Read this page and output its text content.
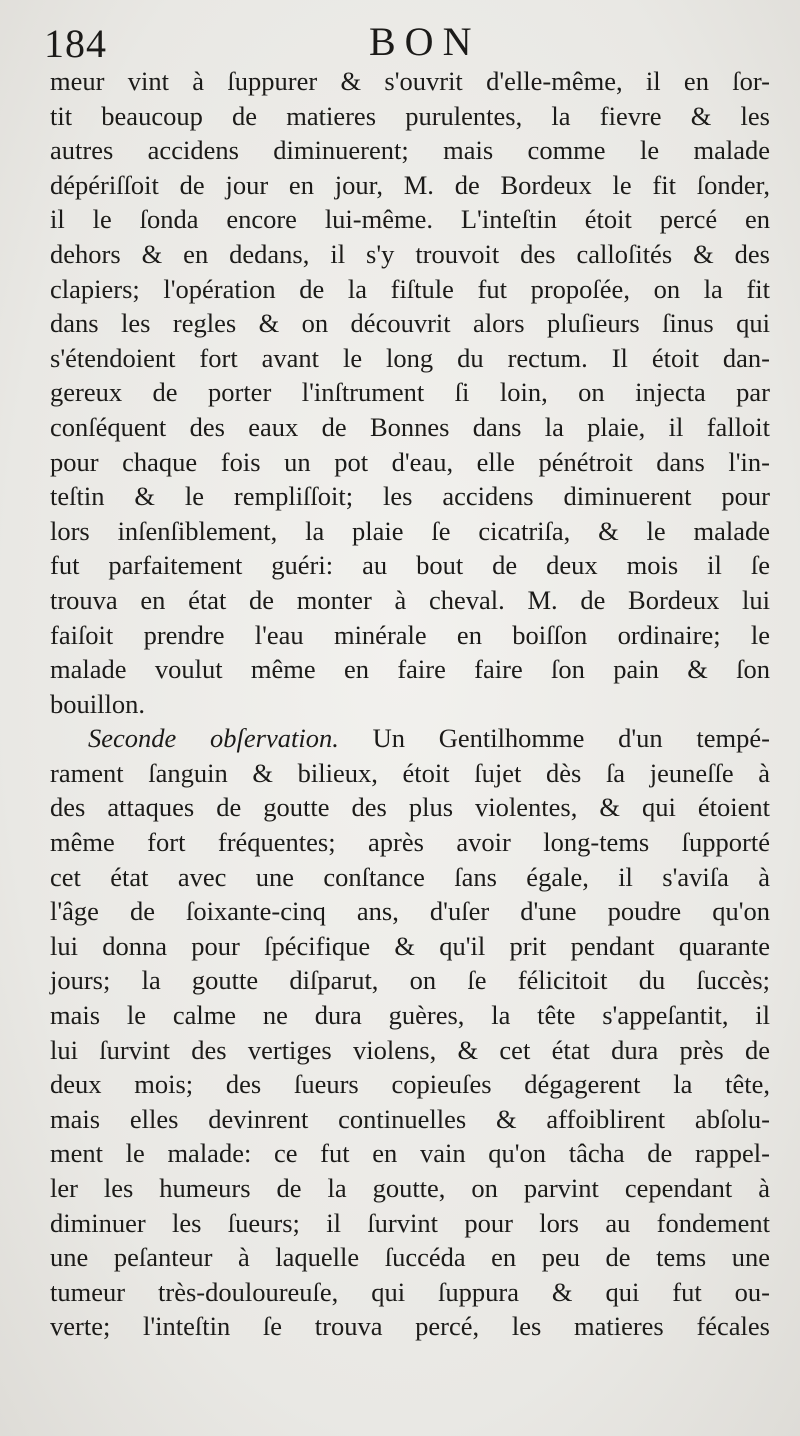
184	BON
meur vint à ſuppurer & s'ouvrit d'elle-même, il en ſor-
tit beaucoup de matieres purulentes, la fievre & les
autres accidens diminuerent; mais comme le malade
dépériſſoit de jour en jour, M. de Bordeux le fit ſonder,
il le ſonda encore lui-même. L'inteſtin étoit percé en
dehors & en dedans, il s'y trouvoit des calloſités & des
clapiers; l'opération de la fiſtule fut propoſée, on la fit
dans les regles & on découvrit alors pluſieurs ſinus qui
s'étendoient fort avant le long du rectum. Il étoit dan-
gereux de porter l'inſtrument ſi loin, on injecta par
conſéquent des eaux de Bonnes dans la plaie, il falloit
pour chaque fois un pot d'eau, elle pénétroit dans l'in-
teſtin & le rempliſſoit; les accidens diminuerent pour
lors inſenſiblement, la plaie ſe cicatriſa, & le malade
fut parfaitement guéri: au bout de deux mois il ſe
trouva en état de monter à cheval. M. de Bordeux lui
faiſoit prendre l'eau minérale en boiſſon ordinaire; le
malade voulut même en faire faire ſon pain & ſon
bouillon.
Seconde obſervation. Un Gentilhomme d'un tempé-
rament ſanguin & bilieux, étoit ſujet dès ſa jeuneſſe à
des attaques de goutte des plus violentes, & qui étoient
même fort fréquentes; après avoir long-tems ſupporté
cet état avec une conſtance ſans égale, il s'aviſa à
l'âge de ſoixante-cinq ans, d'uſer d'une poudre qu'on
lui donna pour ſpécifique & qu'il prit pendant quarante
jours; la goutte diſparut, on ſe félicitoit du ſuccès;
mais le calme ne dura guères, la tête s'appeſantit, il
lui ſurvint des vertiges violens, & cet état dura près de
deux mois; des ſueurs copieuſes dégagerent la tête,
mais elles devinrent continuelles & affoiblirent abſolu-
ment le malade: ce fut en vain qu'on tâcha de rappel-
ler les humeurs de la goutte, on parvint cependant à
diminuer les ſueurs; il ſurvint pour lors au fondement
une peſanteur à laquelle ſuccéda en peu de tems une
tumeur très-douloureuſe, qui ſuppura & qui fut ou-
verte; l'inteſtin ſe trouva percé, les matieres fécales
